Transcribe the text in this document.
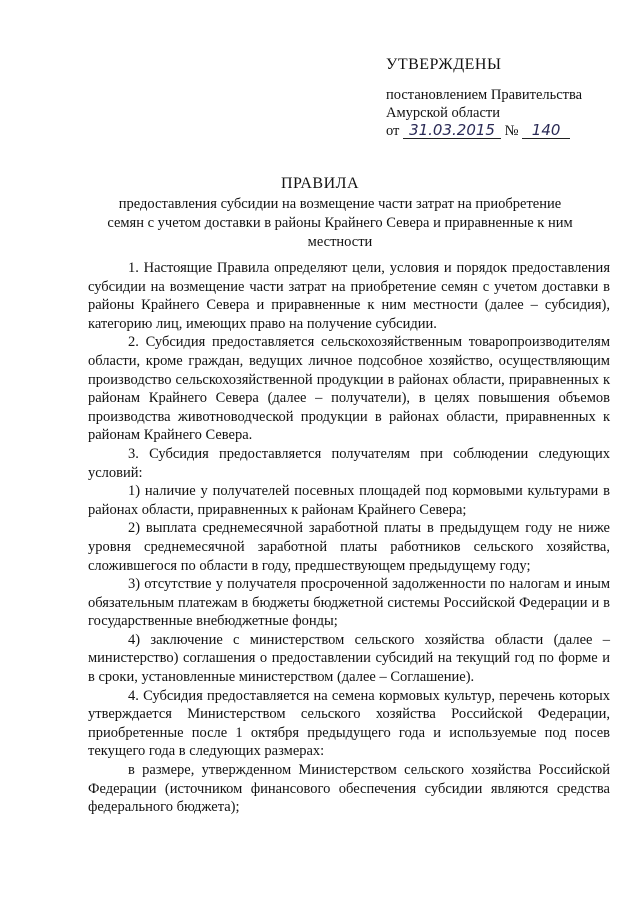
УТВЕРЖДЕНЫ
постановлением Правительства
Амурской области
от 31.03.2015 № 140
ПРАВИЛА
предоставления субсидии на возмещение части затрат на приобретение семян с учетом доставки в районы Крайнего Севера и приравненные к ним местности

1. Настоящие Правила определяют цели, условия и порядок предоставления субсидии на возмещение части затрат на приобретение семян с учетом доставки в районы Крайнего Севера и приравненные к ним местности (далее – субсидия), категорию лиц, имеющих право на получение субсидии.

2. Субсидия предоставляется сельскохозяйственным товаропроизводителям области, кроме граждан, ведущих личное подсобное хозяйство, осуществляющим производство сельскохозяйственной продукции в районах области, приравненных к районам Крайнего Севера (далее – получатели), в целях повышения объемов производства животноводческой продукции в районах области, приравненных к районам Крайнего Севера.

3. Субсидия предоставляется получателям при соблюдении следующих условий:

1) наличие у получателей посевных площадей под кормовыми культурами в районах области, приравненных к районам Крайнего Севера;

2) выплата среднемесячной заработной платы в предыдущем году не ниже уровня среднемесячной заработной платы работников сельского хозяйства, сложившегося по области в году, предшествующем предыдущему году;

3) отсутствие у получателя просроченной задолженности по налогам и иным обязательным платежам в бюджеты бюджетной системы Российской Федерации и в государственные внебюджетные фонды;

4) заключение с министерством сельского хозяйства области (далее – министерство) соглашения о предоставлении субсидий на текущий год по форме и в сроки, установленные министерством (далее – Соглашение).

4. Субсидия предоставляется на семена кормовых культур, перечень которых утверждается Министерством сельского хозяйства Российской Федерации, приобретенные после 1 октября предыдущего года и используемые под посев текущего года в следующих размерах:

в размере, утвержденном Министерством сельского хозяйства Российской Федерации (источником финансового обеспечения субсидии являются средства федерального бюджета);
